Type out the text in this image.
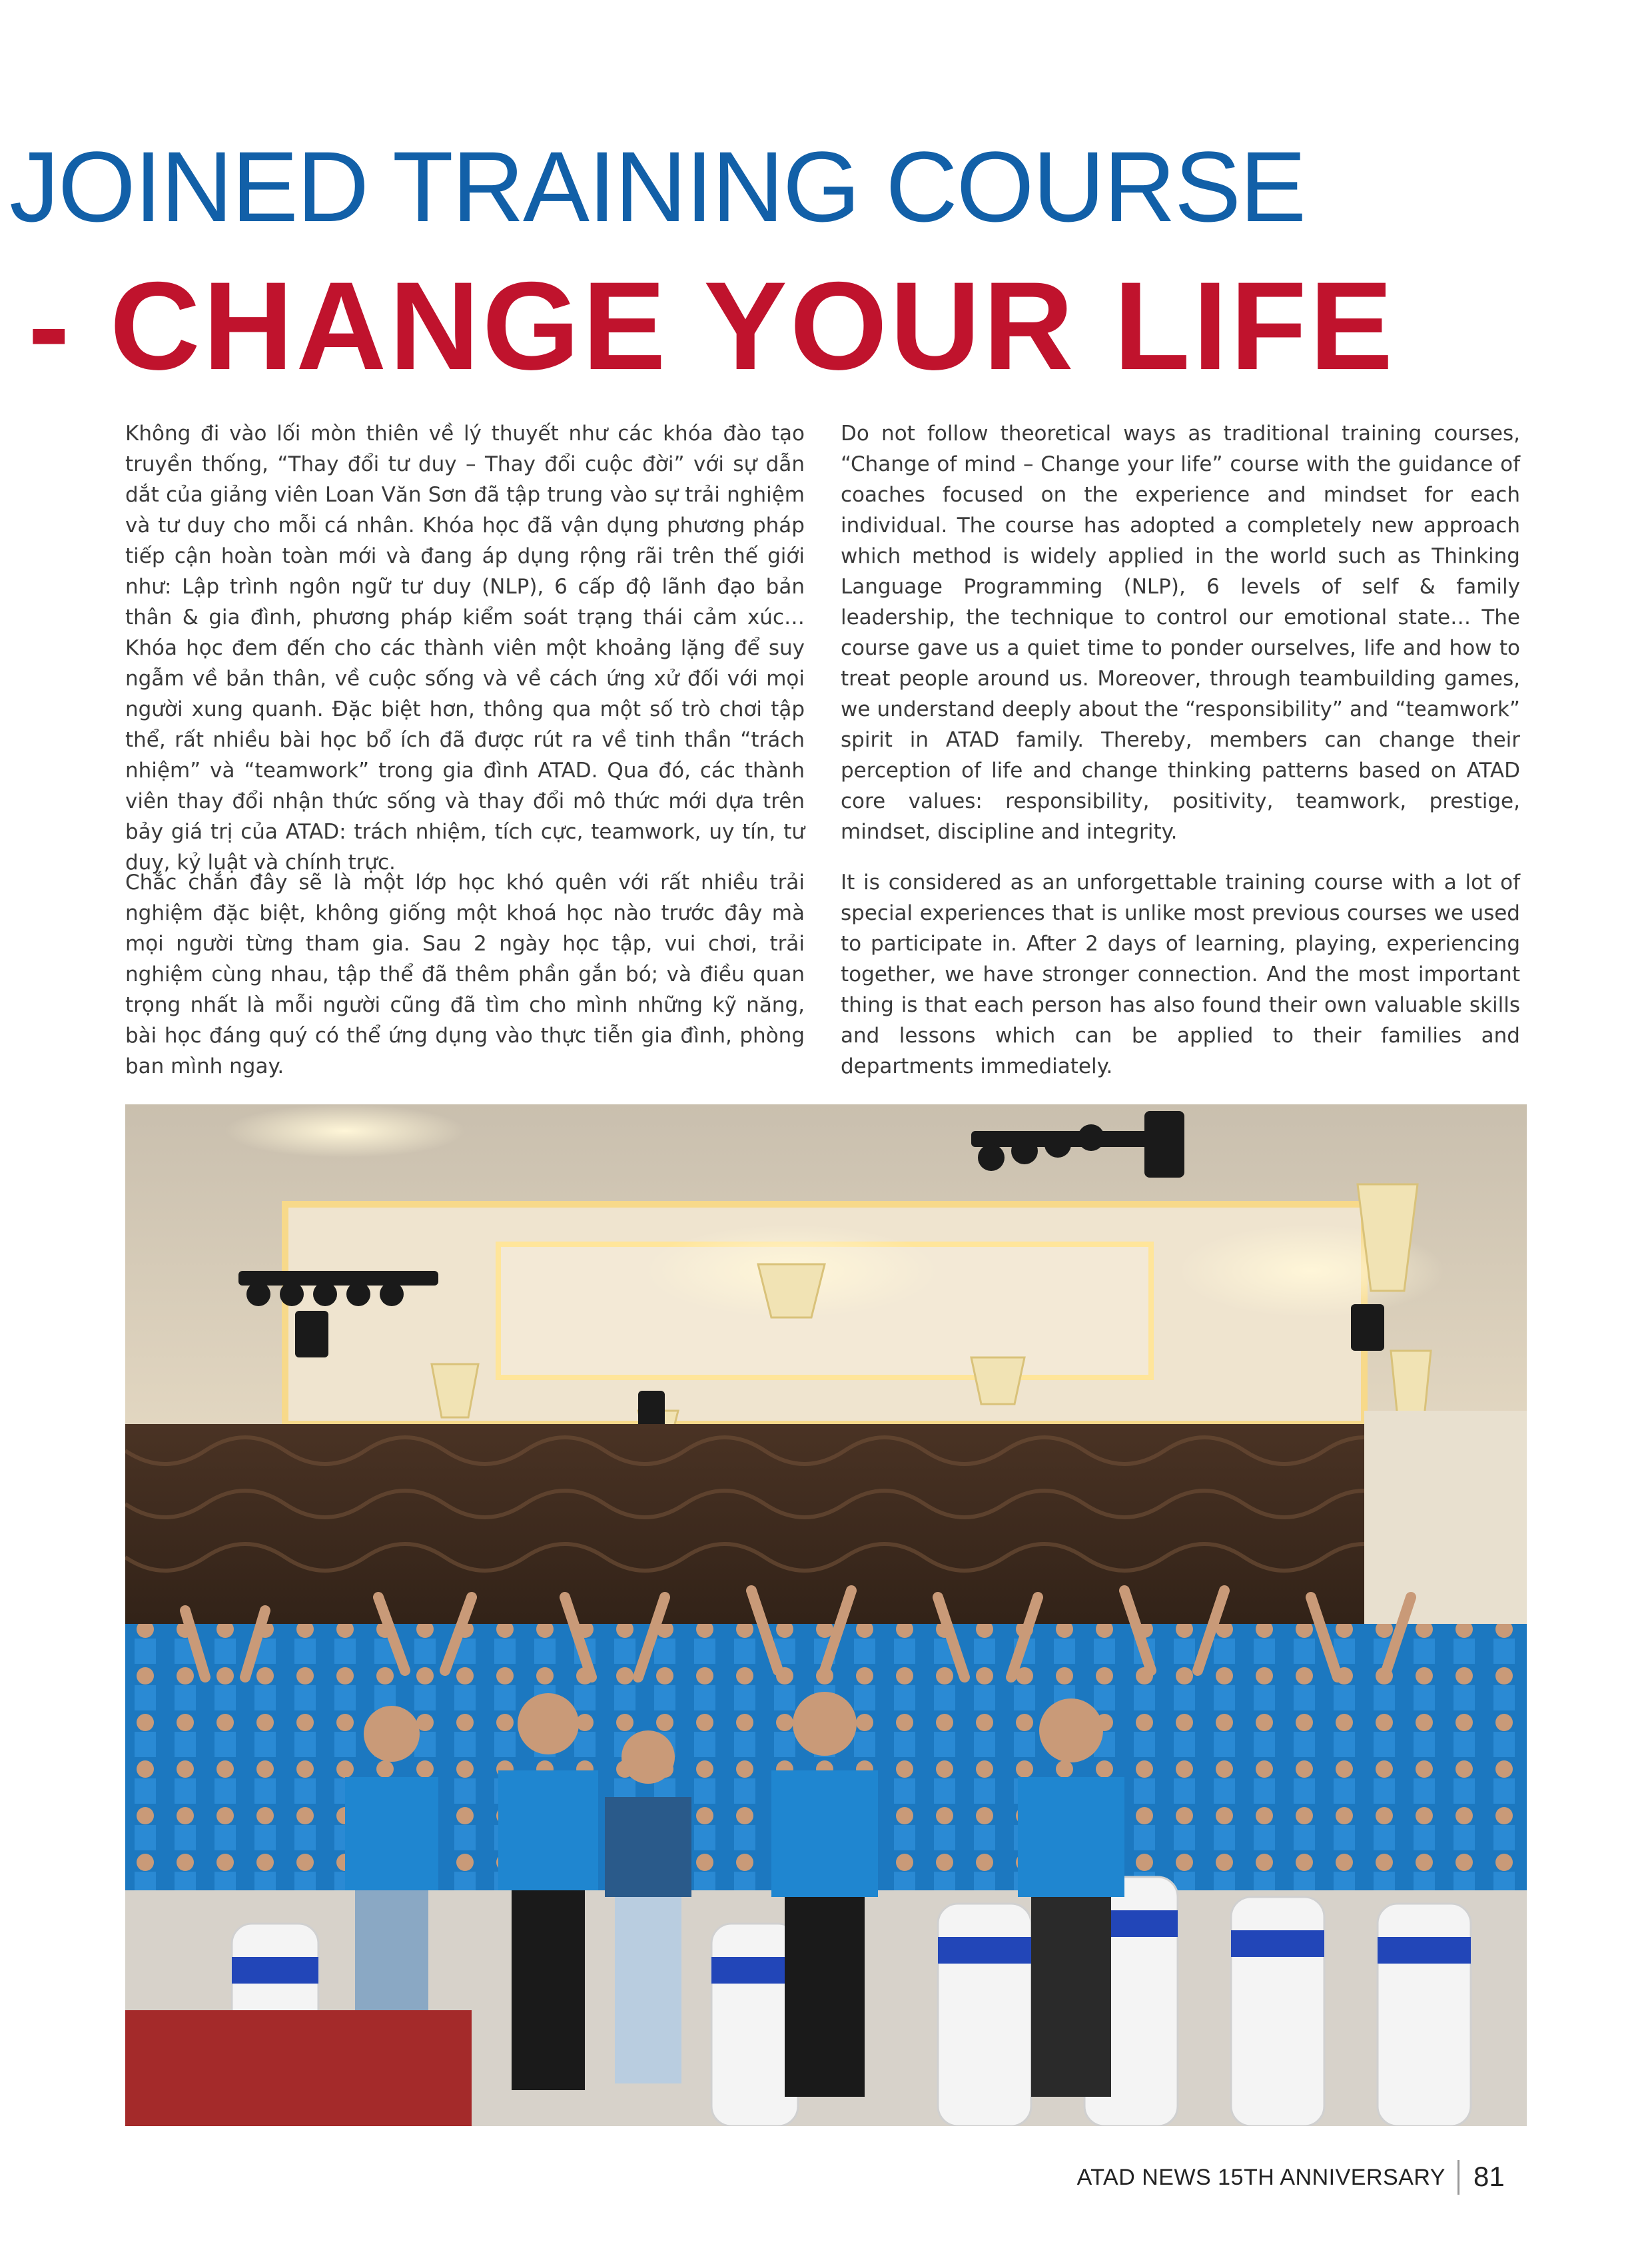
JOINED TRAINING COURSE
- CHANGE YOUR LIFE

Không đi vào lối mòn thiên về lý thuyết như các khóa đào tạo truyền thống, “Thay đổi tư duy – Thay đổi cuộc đời” với sự dẫn dắt của giảng viên Loan Văn Sơn đã tập trung vào sự trải nghiệm và tư duy cho mỗi cá nhân. Khóa học đã vận dụng phương pháp tiếp cận hoàn toàn mới và đang áp dụng rộng rãi trên thế giới như: Lập trình ngôn ngữ tư duy (NLP), 6 cấp độ lãnh đạo bản thân & gia đình, phương pháp kiểm soát trạng thái cảm xúc… Khóa học đem đến cho các thành viên một khoảng lặng để suy ngẫm về bản thân, về cuộc sống và về cách ứng xử đối với mọi người xung quanh. Đặc biệt hơn, thông qua một số trò chơi tập thể, rất nhiều bài học bổ ích đã được rút ra về tinh thần “trách nhiệm” và “teamwork” trong gia đình ATAD. Qua đó, các thành viên thay đổi nhận thức sống và thay đổi mô thức mới dựa trên bảy giá trị của ATAD: trách nhiệm, tích cực, teamwork, uy tín, tư duy, kỷ luật và chính trực.

Chắc chắn đây sẽ là một lớp học khó quên với rất nhiều trải nghiệm đặc biệt, không giống một khoá học nào trước đây mà mọi người từng tham gia. Sau 2 ngày học tập, vui chơi, trải nghiệm cùng nhau, tập thể đã thêm phần gắn bó; và điều quan trọng nhất là mỗi người cũng đã tìm cho mình những kỹ năng, bài học đáng quý có thể ứng dụng vào thực tiễn gia đình, phòng ban mình ngay.

Do not follow theoretical ways as traditional training courses, “Change of mind – Change your life” course with the guidance of coaches focused on the experience and mindset for each individual. The course has adopted a completely new approach which method is widely applied in the world such as Thinking Language Programming (NLP), 6 levels of self & family leadership, the technique to control our emotional state… The course gave us a quiet time to ponder ourselves, life and how to treat people around us. Moreover, through teambuilding games, we understand deeply about the “responsibility” and “teamwork” spirit in ATAD family. Thereby, members can change their perception of life and change thinking patterns based on ATAD core values: responsibility, positivity, teamwork, prestige, mindset, discipline and integrity.

It is considered as an unforgettable training course with a lot of special experiences that is unlike most previous courses we used to participate in. After 2 days of learning, playing, experiencing together, we have stronger connection. And the most important thing is that each person has also found their own valuable skills and lessons which can be applied to their families and departments immediately.

ATAD NEWS 15TH ANNIVERSARY 81
